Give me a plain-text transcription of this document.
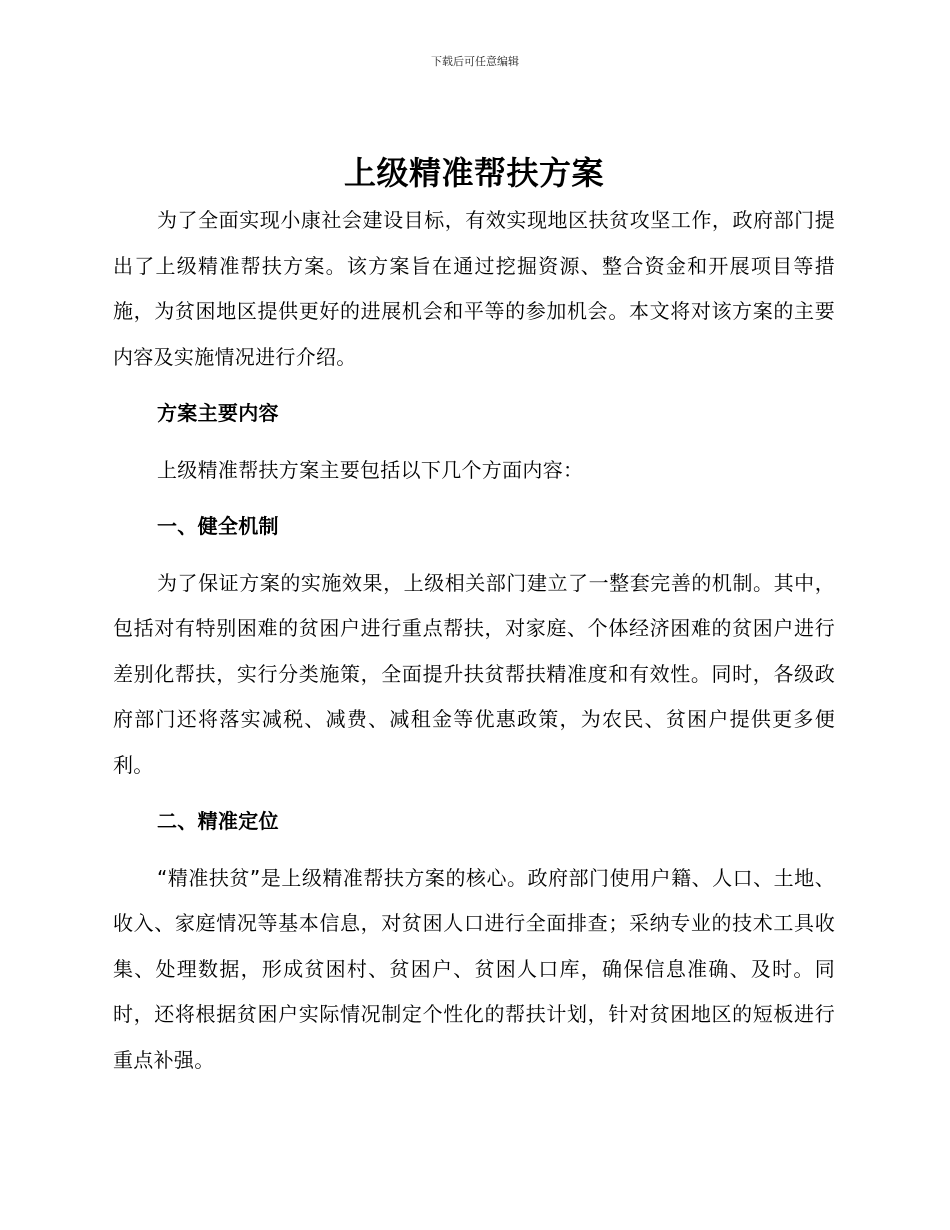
下载后可任意编辑
上级精准帮扶方案

为了全面实现小康社会建设目标，有效实现地区扶贫攻坚工作，政府部门提出了上级精准帮扶方案。该方案旨在通过挖掘资源、整合资金和开展项目等措施，为贫困地区提供更好的进展机会和平等的参加机会。本文将对该方案的主要内容及实施情况进行介绍。

方案主要内容

上级精准帮扶方案主要包括以下几个方面内容：

一、健全机制

为了保证方案的实施效果，上级相关部门建立了一整套完善的机制。其中，包括对有特别困难的贫困户进行重点帮扶，对家庭、个体经济困难的贫困户进行差别化帮扶，实行分类施策，全面提升扶贫帮扶精准度和有效性。同时，各级政府部门还将落实减税、减费、减租金等优惠政策，为农民、贫困户提供更多便利。

二、精准定位

“精准扶贫”是上级精准帮扶方案的核心。政府部门使用户籍、人口、土地、收入、家庭情况等基本信息，对贫困人口进行全面排查；采纳专业的技术工具收集、处理数据，形成贫困村、贫困户、贫困人口库，确保信息准确、及时。同时，还将根据贫困户实际情况制定个性化的帮扶计划，针对贫困地区的短板进行重点补强。
